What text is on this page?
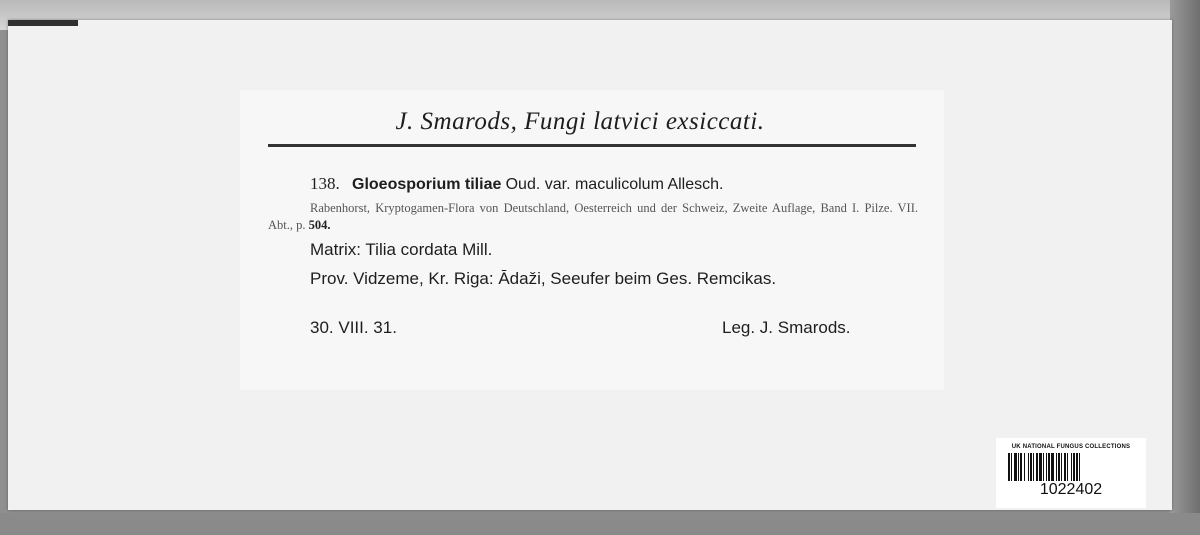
J. Smarods, Fungi latvici exsiccati.
138. Gloeosporium tiliae Oud. var. maculicolum Allesch.
Rabenhorst, Kryptogamen-Flora von Deutschland, Oesterreich und der Schweiz, Zweite Auflage, Band I. Pilze. VII. Abt., p. 504.
Matrix: Tilia cordata Mill.
Prov. Vidzeme, Kr. Riga: Ādaži, Seeufer beim Ges. Remcikas.
30. VIII. 31.	Leg. J. Smarods.
UK NATIONAL FUNGUS COLLECTIONS
1022402
